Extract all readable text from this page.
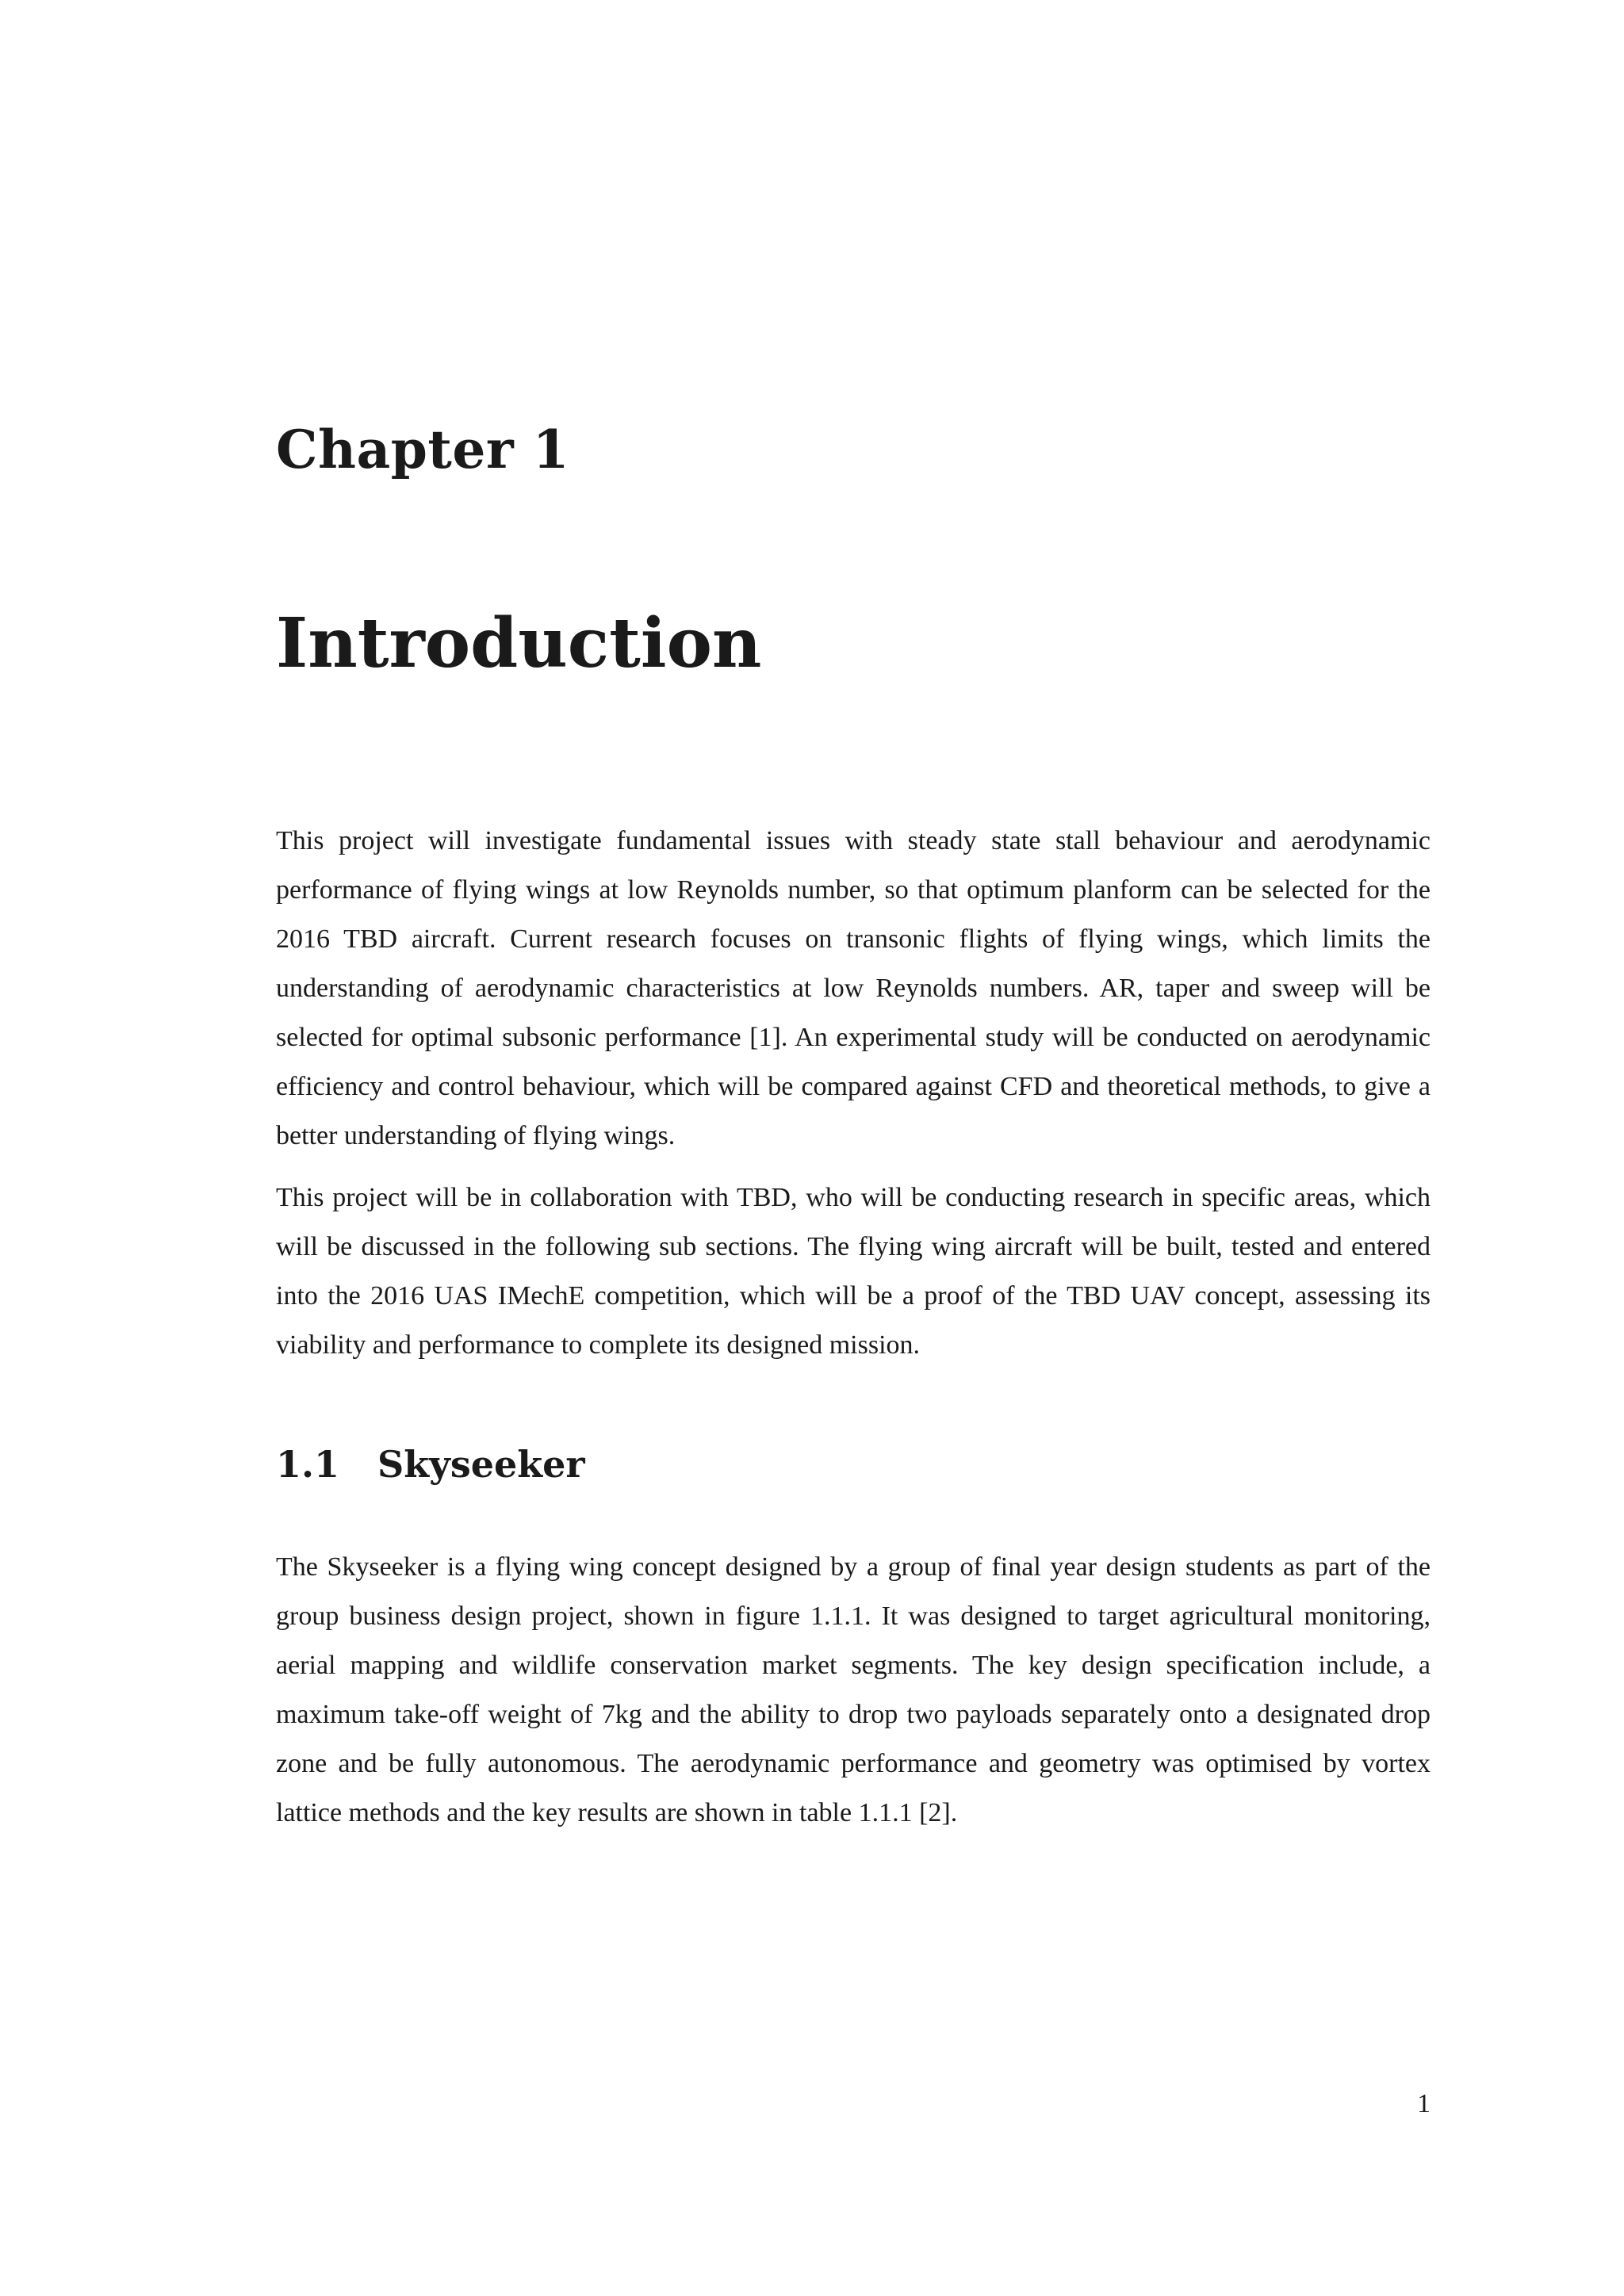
Chapter 1
Introduction

This project will investigate fundamental issues with steady state stall behaviour and aerodynamic performance of flying wings at low Reynolds number, so that optimum planform can be selected for the 2016 TBD aircraft. Current research focuses on transonic flights of flying wings, which limits the understanding of aerodynamic characteristics at low Reynolds numbers. AR, taper and sweep will be selected for optimal subsonic performance [1]. An experimental study will be conducted on aerodynamic efficiency and control behaviour, which will be compared against CFD and theoretical methods, to give a better understanding of flying wings.

This project will be in collaboration with TBD, who will be conducting research in specific areas, which will be discussed in the following sub sections. The flying wing aircraft will be built, tested and entered into the 2016 UAS IMechE competition, which will be a proof of the TBD UAV concept, assessing its viability and performance to complete its designed mission.

1.1 Skyseeker

The Skyseeker is a flying wing concept designed by a group of final year design students as part of the group business design project, shown in figure 1.1.1. It was designed to target agricultural monitoring, aerial mapping and wildlife conservation market segments. The key design specification include, a maximum take-off weight of 7kg and the ability to drop two payloads separately onto a designated drop zone and be fully autonomous. The aerodynamic performance and geometry was optimised by vortex lattice methods and the key results are shown in table 1.1.1 [2].

1
